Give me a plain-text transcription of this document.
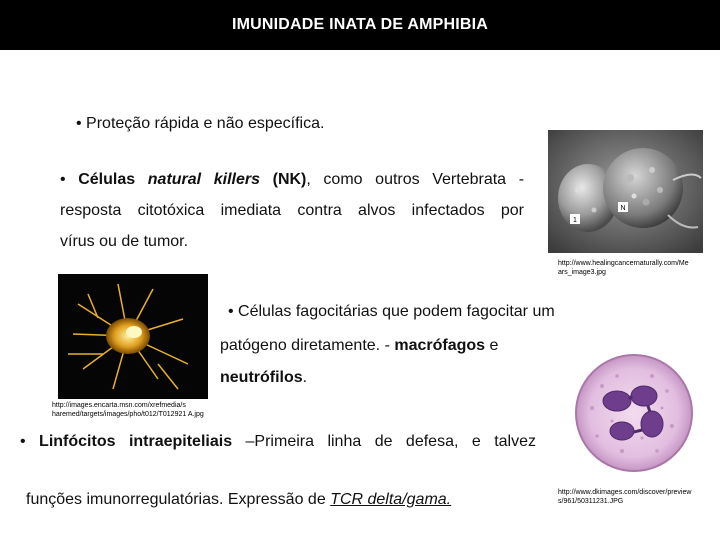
IMUNIDADE INATA DE AMPHIBIA
• Proteção rápida e não específica.
• Células natural killers (NK), como outros Vertebrata -
resposta citotóxica imediata contra alvos infectados por
vírus ou de tumor.
1
N
http://www.healingcancernaturally.com/Me ars_image3.jpg
http://images.encarta.msn.com/xrefmedia/s haremed/targets/images/pho/t012/T012921 A.jpg
• Células fagocitárias que podem fagocitar um
patógeno diretamente. - macrófagos e
neutrófilos.
http://www.dkimages.com/discover/preview s/961/50311231.JPG
• Linfócitos intraepiteliais –Primeira linha de defesa, e talvez
funções imunorregulatórias. Expressão de TCR delta/gama.
